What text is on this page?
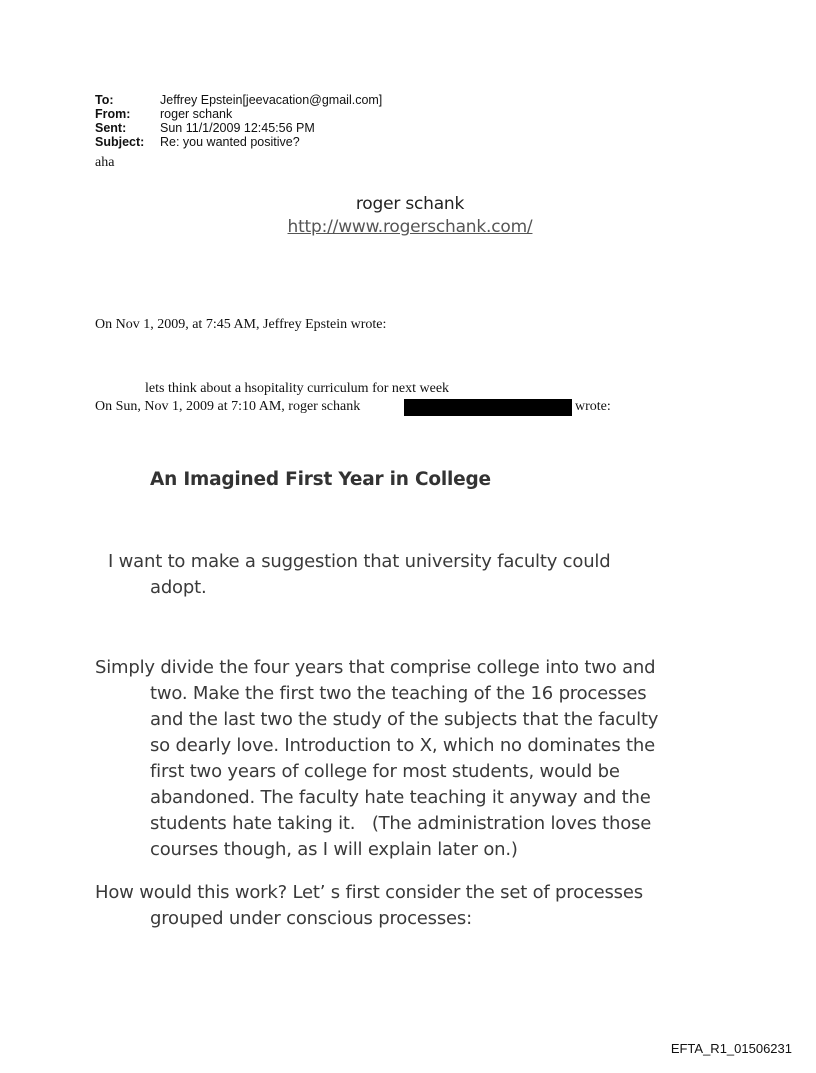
To:	Jeffrey Epstein[jeevacation@gmail.com]
From: roger schank
Sent:	Sun 11/1/2009 12:45:56 PM
Subject: Re: you wanted positive?
aha
roger schank
http://www.rogerschank.com/
On Nov 1, 2009, at 7:45 AM, Jeffrey Epstein wrote:
lets think about a hsopitality curriculum for next week
On Sun, Nov 1, 2009 at 7:10 AM, roger schank	wrote:
An Imagined First Year in College
I want to make a suggestion that university faculty could
adopt.
Simply divide the four years that comprise college into two and
two. Make the first two the teaching of the 16 processes
and the last two the study of the subjects that the faculty
so dearly love. Introduction to X, which no dominates the
first two years of college for most students, would be
abandoned. The faculty hate teaching it anyway and the
students hate taking it.   (The administration loves those
courses though, as I will explain later on.)
How would this work? Let’ s first consider the set of processes
grouped under conscious processes:
EFTA_R1_01506231
